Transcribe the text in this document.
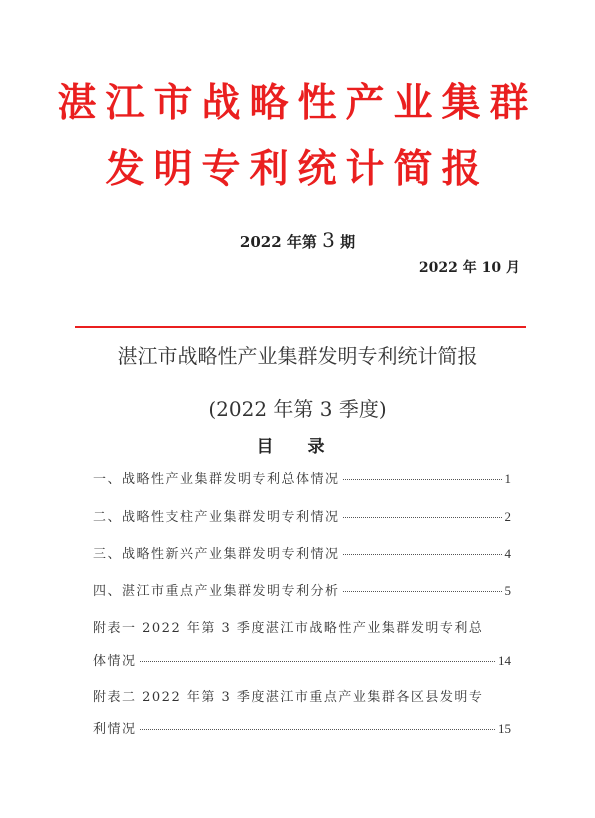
湛江市战略性产业集群
发明专利统计简报
2022 年第 3 期
2022 年 10 月
湛江市战略性产业集群发明专利统计简报
(2022 年第 3 季度)
目 录
一、战略性产业集群发明专利总体情况	1
二、战略性支柱产业集群发明专利情况	2
三、战略性新兴产业集群发明专利情况	4
四、湛江市重点产业集群发明专利分析	5
附表一 2022 年第 3 季度湛江市战略性产业集群发明专利总
体情况	14
附表二 2022 年第 3 季度湛江市重点产业集群各区县发明专
利情况	15
